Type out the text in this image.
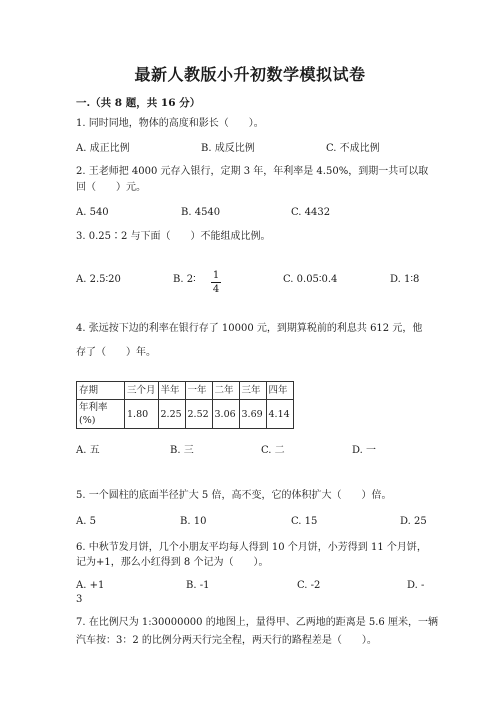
最新人教版小升初数学模拟试卷
一.（共 8 题，共 16 分）
1. 同时同地，物体的高度和影长（　　）。
A. 成正比例	B. 成反比例	C. 不成比例
2. 王老师把 4000 元存入银行，定期 3 年，年利率是 4.50%，到期一共可以取
回（　　）元。
A. 540	B. 4540	C. 4432
3. 0.25∶2 与下面（　　）不能组成比例。
A. 2.5∶20	B. 2∶ 1
4
C. 0.05∶0.4	D. 1∶8
4. 张远按下边的利率在银行存了 10000 元，到期算税前的利息共 612 元，他
存了（　　）年。
存期	三个月	半年	一年	二年	三年	四年
年利率(%)	1.80	2.25	2.52	3.06	3.69	4.14
A. 五	B. 三	C. 二	D. 一
5. 一个圆柱的底面半径扩大 5 倍，高不变，它的体积扩大（　　）倍。
A. 5	B. 10	C. 15	D. 25
6. 中秋节发月饼，几个小朋友平均每人得到 10 个月饼，小芳得到 11 个月饼，
记为+1，那么小红得到 8 个记为（　　）。
A. +1	B. -1	C. -2	D. -
3
7. 在比例尺为 1:30000000 的地图上，量得甲、乙两地的距离是 5.6 厘米，一辆
汽车按：3：2 的比例分两天行完全程，两天行的路程差是（　　）。
